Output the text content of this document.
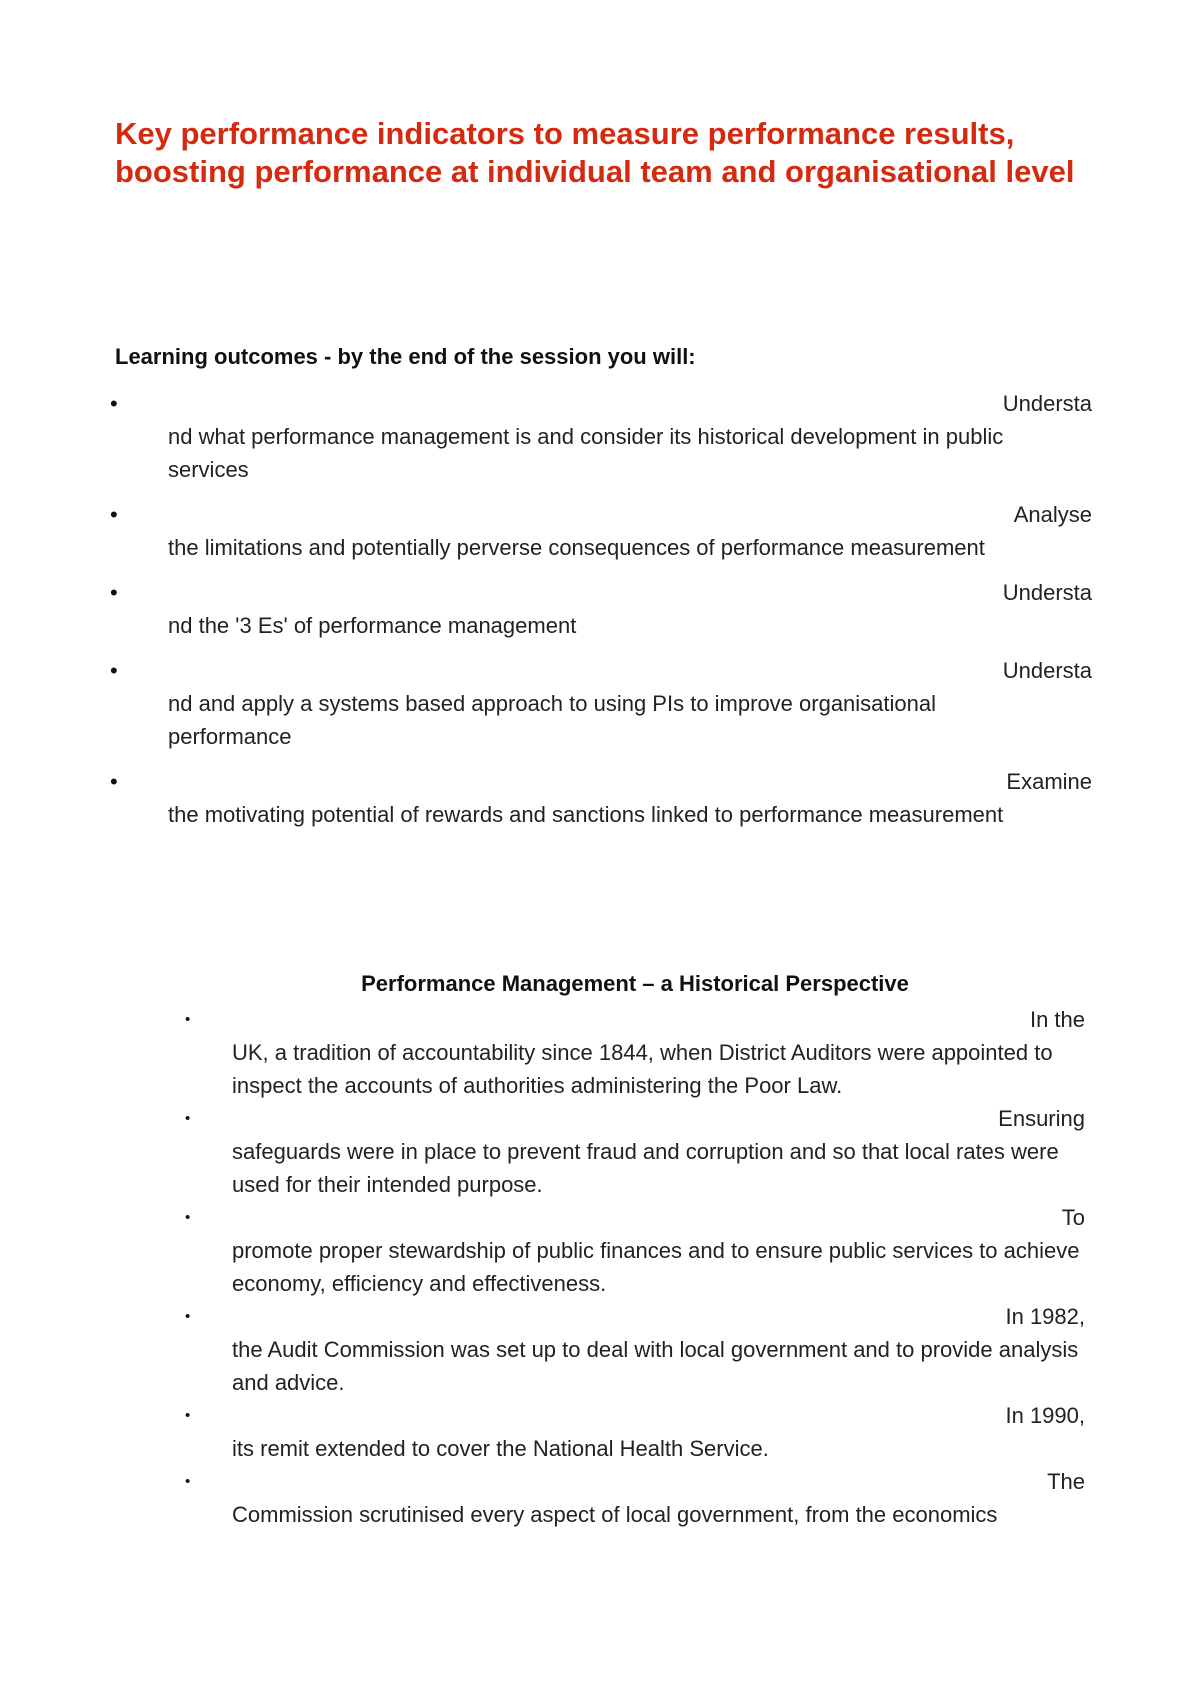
Key performance indicators to measure performance results, boosting performance at individual team and organisational level

Learning outcomes - by the end of the session you will:

•	Understa
nd what performance management is and consider its historical development in public services
•	Analyse
the limitations and potentially perverse consequences of performance measurement
•	Understa
nd the '3 Es' of performance management
•	Understa
nd and apply a systems based approach to using PIs to improve organisational performance
•	Examine
the motivating potential of rewards and sanctions linked to performance measurement

Performance Management – a Historical Perspective

•	In the
UK, a tradition of accountability since 1844, when District Auditors were appointed to inspect the accounts of authorities administering the Poor Law.
•	Ensuring
safeguards were in place to prevent fraud and corruption and so that local rates were used for their intended purpose.
•	To
promote proper stewardship of public finances and to ensure public services to achieve economy, efficiency and effectiveness.
•	In 1982,
the Audit Commission was set up to deal with local government and to provide analysis and advice.
•	In 1990,
its remit extended to cover the National Health Service.
•	The
Commission scrutinised every aspect of local government, from the economics
